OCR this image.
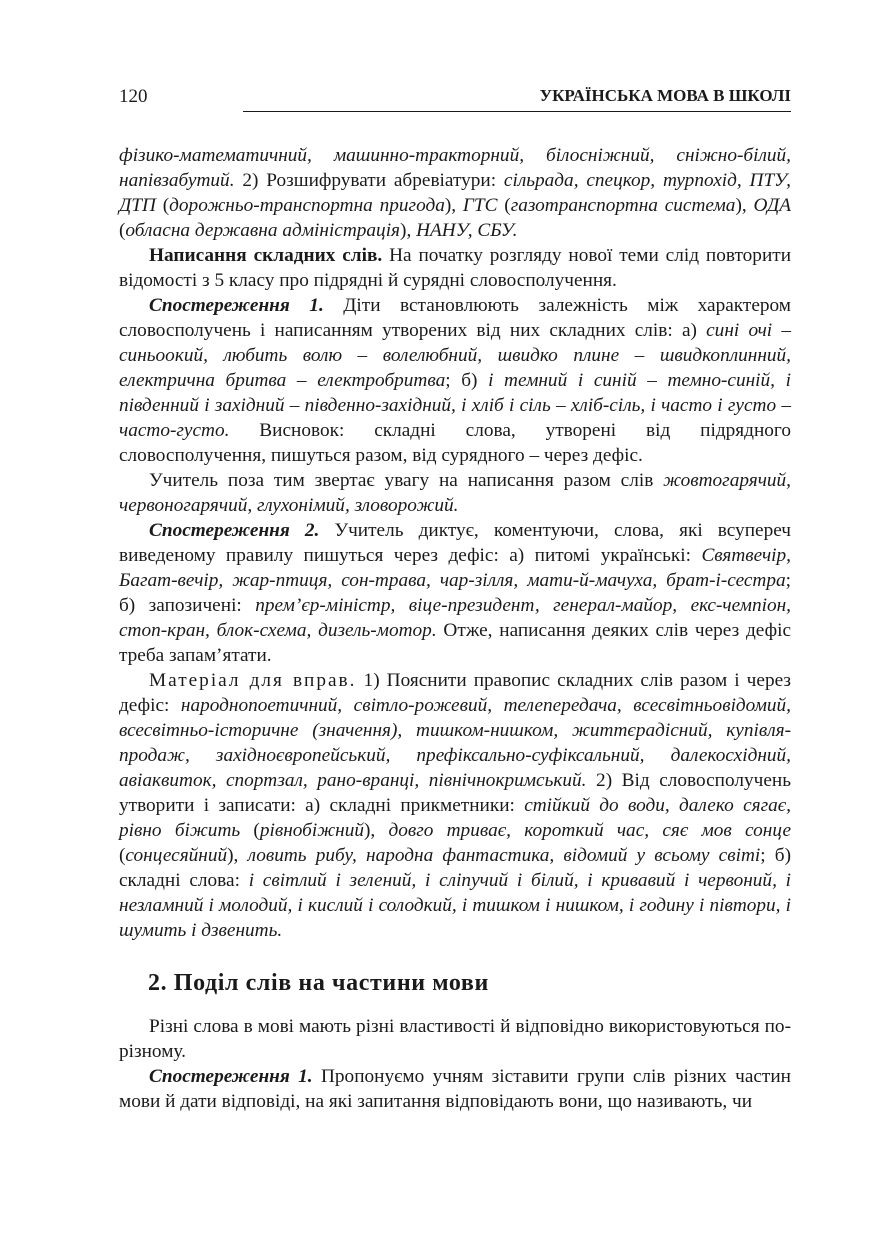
120	УКРАЇНСЬКА МОВА В ШКОЛІ

фізико-математичний, машинно-тракторний, білосніжний, сніжно-білий, напівзабутий. 2) Розшифрувати абревіатури: сільрада, спецкор, турпохід, ПТУ, ДТП (дорожньо-транспортна пригода), ГТС (газотранспортна система), ОДА (обласна державна адміністрація), НАНУ, СБУ.

Написання складних слів. На початку розгляду нової теми слід повторити відомості з 5 класу про підрядні й сурядні словосполучення.

Спостереження 1. Діти встановлюють залежність між характером словосполучень і написанням утворених від них складних слів: а) сині очі – синьоокий, любить волю – волелюбний, швидко плине – швидкоплинний, електрична бритва – електробритва; б) і темний і синій – темно-синій, і південний і західний – південно-західний, і хліб і сіль – хліб-сіль, і часто і густо – часто-густо. Висновок: складні слова, утворені від підрядного словосполучення, пишуться разом, від сурядного – через дефіс.

Учитель поза тим звертає увагу на написання разом слів жовтогарячий, червоногарячий, глухонімий, зловорожий.

Спостереження 2. Учитель диктує, коментуючи, слова, які всупереч виведеному правилу пишуться через дефіс: а) питомі українські: Святвечір, Багат-вечір, жар-птиця, сон-трава, чар-зілля, мати-й-мачуха, брат-і-сестра; б) запозичені: прем’єр-міністр, віце-президент, генерал-майор, екс-чемпіон, стоп-кран, блок-схема, дизель-мотор. Отже, написання деяких слів через дефіс треба запам’ятати.

Матеріал для вправ. 1) Пояснити правопис складних слів разом і через дефіс: народнопоетичний, світло-рожевий, телепередача, всесвітньовідомий, всесвітньо-історичне (значення), тишком-нишком, життєрадісний, купівля-продаж, західноєвропейський, префіксально-суфіксальний, далекосхідний, авіаквиток, спортзал, рано-вранці, північнокримський. 2) Від словосполучень утворити і записати: а) складні прикметники: стійкий до води, далеко сягає, рівно біжить (рівнобіжний), довго триває, короткий час, сяє мов сонце (сонцесяйний), ловить рибу, народна фантастика, відомий у всьому світі; б) складні слова: і світлий і зелений, і сліпучий і білий, і кривавий і червоний, і незламний і молодий, і кислий і солодкий, і тишком і нишком, і годину і півтори, і шумить і дзвенить.

2. Поділ слів на частини мови

Різні слова в мові мають різні властивості й відповідно використовуються по-різному.

Спостереження 1. Пропонуємо учням зіставити групи слів різних частин мови й дати відповіді, на які запитання відповідають вони, що називають, чи
